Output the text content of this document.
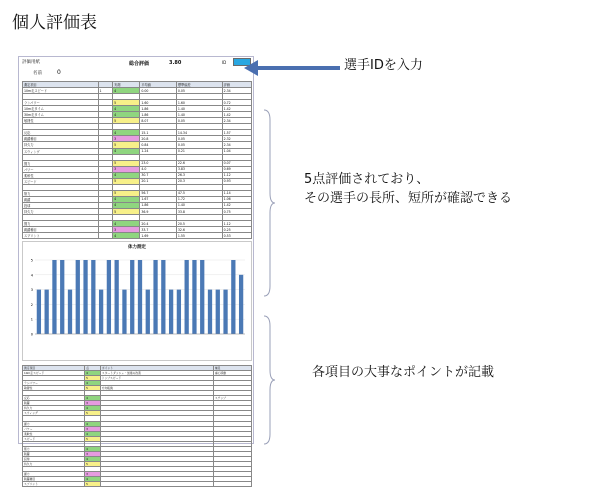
個人評価表
評価用紙
名前	0
総合評価	3.80	ID
測定項目		実測	平均値	標準偏差	評価
10m走スピード	1	4	0.00	0.05	2.34

ランパワー		5	1.60	1.60	0.72
10m走タイム		4	1.86	1.40	1.42
30m走タイム		4	1.86	1.40	1.42
敏捷性		5	8.07	0.05	2.34

反応		4	15.1	14.34	1.57
跳躍種目		3	20.8	0.05	2.32
持久力		5	0.84	0.05	2.34
スウィング		4	1.24	0.21	1.04

握力		5	23.0	22.6	0.07
パワー		3	4.0	3.83	0.69
柔軟性		4	30.7	26.3	1.12
スピード		5	20.1	20.3	0.93

筋力		5	56.7	47.5	1.14
跳躍		4	1.67	1.72	1.06
投球		4	1.86	1.40	1.42
持久力		5	36.9	33.8	0.75

握力		4	20.4	20.5	1.12
跳躍種目		3	33.7	32.6	0.25
スプリント		4	1.69	1.55	0.53
体力測定
0
1
2
3
4
5
測定項目	点	ポイント	補足
10m走スピード	4	スタートダッシュ・加速の改善	重心移動
	5	トップスピード	
ランパワー	4		
敏捷性	5	方向転換	

反応	4		ステップ
跳躍	3		
持久力	4		
スウィング	5		

握力	4		
パワー	3		
柔軟性	4		
スピード	5		

筋力	4		
跳躍	3		
投球	4		
持久力	5		

握力	3		
跳躍種目	4		
スプリント	5		
選手IDを入力
5点評価されており、
その選手の長所、短所が確認できる
各項目の大事なポイントが記載
